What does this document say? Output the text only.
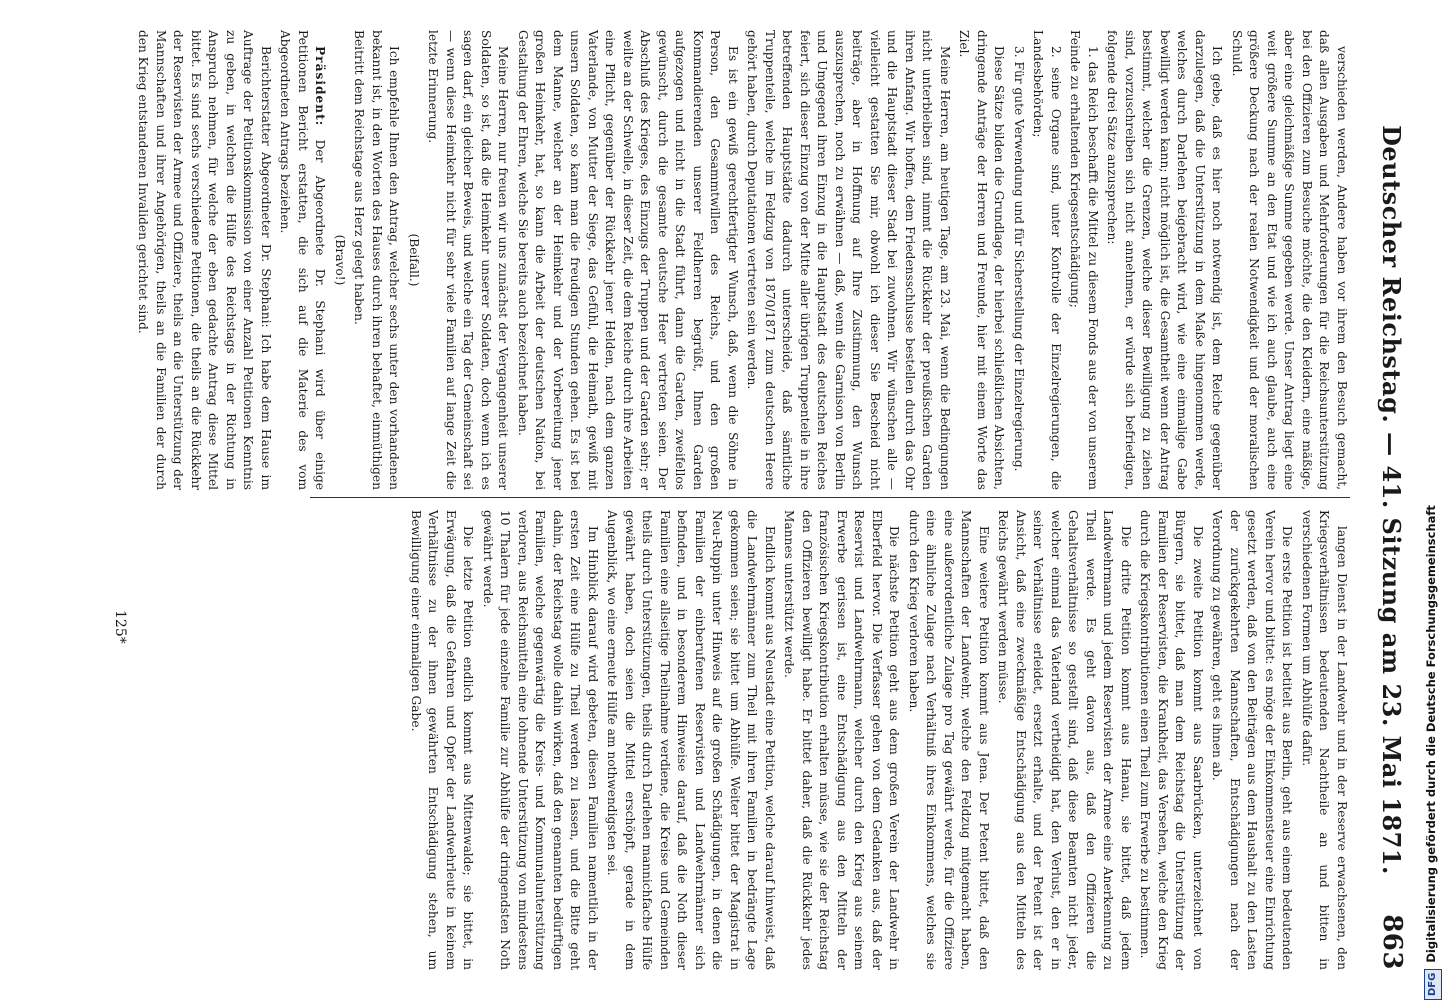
Deutscher Reichstag. —

41. Sitzung am 23. Mai 1871.
863

verschieden werden, Andere haben vor ihrem den Besuch gemacht, daß allen Ausgaben und Mehrforderungen für die Reichsunterstützung bei den Offizieren zum Besuche möchte, die den Kleidern, eine mäßige, aber eine gleichmäßige Summe gegeben werde. Unser Antrag liegt eine weit größere Summe an den Etat und wie ich auch glaube, auch eine größere Deckung nach der realen Notwendigkeit und der moralischen Schuld.

Ich gebe, daß es hier noch notwendig ist, dem Reiche gegenüber darzulegen, daß die Unterstützung in dem Maße hingenommen werde, welches durch Darlehen beigebracht wird, wie eine einmalige Gabe bewilligt werden kann; nicht möglich ist, die Gesamtheit wenn der Antrag bestimmt, welcher die Grenzen, welche dieser Bewilligung zu ziehen sind, vorzuschreiben sich nicht annehmen, er würde sich befriedigen, folgende drei Sätze anzusprechen:

1. das Reich beschafft die Mittel zu diesem Fonds aus der von unserem Feinde zu erhaltenden Kriegsentschädigung;

2. seine Organe sind, unter Kontrolle der Einzelregierungen, die Landesbehörden;

3. Für gute Verwendung und für Sicherstellung der Einzelregierung.

Diese Sätze bilden die Grundlage, der hierbei schließlichen Absichten, dringende Anträge der Herren und Freunde, hier mit einem Worte das Ziel.

Meine Herren, am heutigen Tage, am 23. Mai, wenn die Bedingungen nicht unterbleiben sind, nimmt die Rückkehr der preußischen Garden ihren Anfang. Wir hoffen, dem Friedensschlusse bestellen durch das Ohr und die Hauptstadt dieser Stadt bei zuwohnen. Wir wünschen alle — vielleicht gestatten Sie mir, obwohl ich dieser Sie Bescheid nicht beiträge, aber in Hoffnung auf Ihre Zustimmung, den Wunsch auszusprechen, noch zu erwähnen — daß, wenn die Garnison von Berlin und Umgegend ihren Einzug in die Hauptstadt des deutschen Reiches feiert, sich dieser Einzug von der Mitte aller übrigen Truppenteile in ihre betreffenden Hauptstädte dadurch unterscheide, daß sämtliche Truppenteile, welche im Feldzug von 1870/1871 zum deutschen Heere gehört haben, durch Deputationen vertreten sein werden.

Es ist ein gewiß gerechtfertigter Wunsch, daß, wenn die Söhne in Person, den Gesammtwillen des Reichs, und den großen Kommandierenden unserer Feldherren begrüßt, Ihnen Garden aufgezogen und nicht in die Stadt führt, dann die Garden, zweifellos gewünscht, durch die gesamte deutsche Heer vertreten seien. Der Abschluß des Krieges, des Einzugs der Truppen und der Garden sehr; er weilte an der Schwelle, in dieser Zeit, die dem Reiche durch ihre Arbeiten eine Pflicht, gegenüber der Rückkehr jener Helden, nach dem ganzen Vaterlande, von Mutter der Siege, das Gefühl, die Heimath, gewiß mit unsern Soldaten, so kann man die freudigen Stunden gehen. Es ist bei dem Manne, welcher an der Heimkehr und der Vorbereitung jener großen Heimkehr, hat, so kann die Arbeit der deutschen Nation, bei Gestaltung der Ehren, welche Sie bereits auch bezeichnet haben.

Meine Herren, nur freuen wir uns zunächst der Vergangenheit unserer Soldaten, so ist, daß die Heimkehr unserer Soldaten, doch wenn ich es sagen darf, ein gleicher Beweis, und welche ein Tag der Gemeinschaft sei — wenn diese Heimkehr nicht für sehr viele Familien auf lange Zeit die letzte Erinnerung.

(Beifall.)

Ich empfehle Ihnen den Antrag, welcher sechs unter den vorhandenen bekannt ist, in den Worten des Hauses durch ihren behaftet, einmüthigen Beitritt dem Reichstage aus Herz gelegt haben.

(Bravo!)

Präsident: Der Abgeordnete Dr. Stephani wird über einige Petitionen Bericht erstatten, die sich auf die Materie des vom Abgeordneten Antrags beziehen.

Berichterstatter Abgeordneter Dr. Stephani: Ich habe dem Hause im Auftrage der Petitionskommission von einer Anzahl Petitionen Kenntnis zu geben, in welchen die Hülfe des Reichstags in der Richtung in Anspruch nehmen, für welche der eben gedachte Antrag diese Mittel bittet. Es sind sechs verschiedene Petitionen, die theils an die Rückkehr der Reservisten der Armee und Offiziere, theils an die Unterstützung der Mannschaften und ihrer Angehörigen, theils an die Familien der durch den Krieg entstandenen Invaliden gerichtet sind.

langen Dienst in der Landwehr und in der Reserve erwachsenen, den Kriegsverhältnissen bedeutenden Nachtheile an und bitten in verschiedenen Formen um Abhülfe dafür.

Die erste Petition ist betitelt aus Berlin, geht aus einem bedeutenden Verein hervor und bittet: es möge der Einkommensteuer eine Einrichtung gesetzt werden, daß von den Beiträgen aus dem Haushalt zu den Lasten der zurückgekehrten Mannschaften, Entschädigungen nach der Verordnung zu gewähren, geht es ihnen ab.

Die zweite Petition kommt aus Saarbrücken, unterzeichnet von Bürgern, sie bittet, daß man dem Reichstag die Unterstützung der Familien der Reservisten, die Krankheit, das Versehen, welche den Krieg durch die Kriegskontributionen einen Theil zum Erwerbe zu bestimmen.

Die dritte Petition kommt aus Hanau, sie bittet, daß jedem Landwehrmann und jedem Reservisten der Armee eine Anerkennung zu Theil werde. Es geht davon aus, daß den Offizieren die Gehaltsverhältnisse so gestellt sind, daß diese Beamten nicht jeder, welcher einmal das Vaterland vertheidigt hat, den Verlust, den er in seiner Verhältnisse erleidet, ersetzt erhalte, und der Petent ist der Ansicht, daß eine zweckmäßige Entschädigung aus den Mitteln des Reichs gewährt werden müsse.

Eine weitere Petition kommt aus Jena. Der Petent bittet, daß den Mannschaften der Landwehr, welche den Feldzug mitgemacht haben, eine außerordentliche Zulage pro Tag gewährt werde, für die Offiziere eine ähnliche Zulage nach Verhältniß ihres Einkommens, welches sie durch den Krieg verloren haben.

Die nächste Petition geht aus dem großen Verein der Landwehr in Elberfeld hervor. Die Verfasser gehen von dem Gedanken aus, daß der Reservist und Landwehrmann, welcher durch den Krieg aus seinem Erwerbe gerissen ist, eine Entschädigung aus den Mitteln der französischen Kriegskontribution erhalten müsse, wie sie der Reichstag den Offizieren bewilligt habe. Er bittet daher, daß die Rückkehr jedes Mannes unterstützt werde.

Endlich kommt aus Neustadt eine Petition, welche darauf hinweist, daß die Landwehrmänner zum Theil mit ihren Familien in bedrängte Lage gekommen seien; sie bittet um Abhülfe. Weiter bittet der Magistrat in Neu-Ruppin unter Hinweis auf die großen Schädigungen, in denen die Familien der einberufenen Reservisten und Landwehrmänner sich befinden, und in besonderem Hinweise darauf, daß die Noth dieser Familien eine allseitige Theilnahme verdiene, die Kreise und Gemeinden theils durch Unterstützungen, theils durch Darlehen mannichfache Hülfe gewährt haben, doch seien die Mittel erschöpft, gerade in dem Augenblick, wo eine erneute Hülfe am nothwendigsten sei.

Im Hinblick darauf wird gebeten, diesen Familien namentlich in der ersten Zeit eine Hülfe zu Theil werden zu lassen, und die Bitte geht dahin, der Reichstag wolle dahin wirken, daß den genannten bedürftigen Familien, welche gegenwärtig die Kreis- und Kommunalunterstützung verloren, aus Reichsmitteln eine lohnende Unterstützung von mindestens 10 Thalern für jede einzelne Familie zur Abhülfe der dringendsten Noth gewährt werde.

Die letzte Petition endlich kommt aus Mittenwalde; sie bittet, in Erwägung, daß die Gefahren und Opfer der Landwehrleute in keinem Verhältnisse zu der ihnen gewährten Entschädigung stehen, um Bewilligung einer einmaligen Gabe.

125*
DFGDigitalisierung gefördert durch die Deutsche Forschungsgemeinschaft
